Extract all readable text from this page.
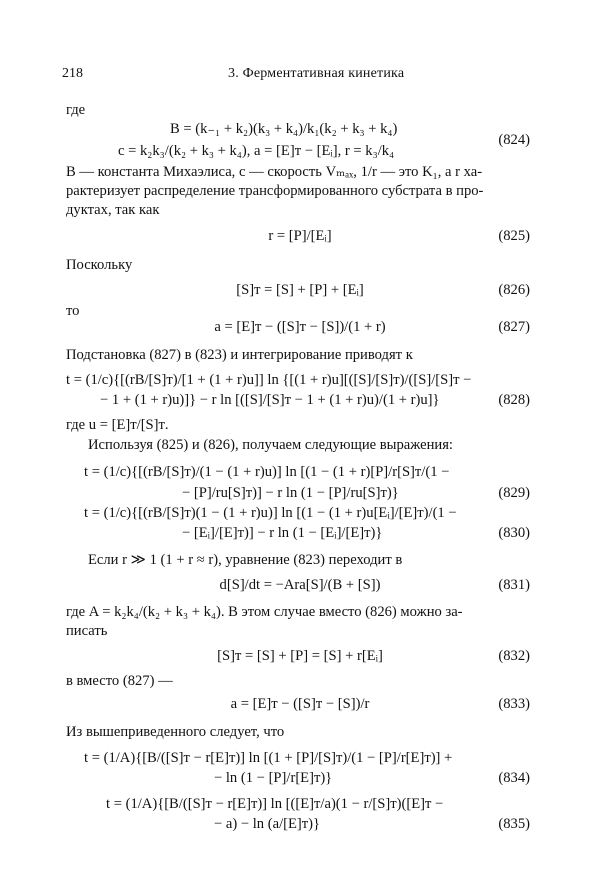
218	3. Ферментативная кинетика
где
B = (k₋₁ + k₂)(k₃ + k₄)/k₁(k₂ + k₃ + k₄)
c = k₂k₃/(k₂ + k₃ + k₄), a = [E]ᴛ − [Eᵢ], r = k₃/k₄
(824)
B — константа Михаэлиса, c — скорость Vₘₐₓ, 1/r — это K₁, а r ха-
рактеризует распределение трансформированного субстрата в про-
дуктах, так как
r = [P]/[Eᵢ]	(825)
Поскольку
[S]ᴛ = [S] + [P] + [Eᵢ]	(826)
то
a = [E]ᴛ − ([S]ᴛ − [S])/(1 + r)	(827)
Подстановка (827) в (823) и интегрирование приводят к
t = (1/c){[(rB/[S]ᴛ)/[1 + (1 + r)u]] ln {[(1 + r)u][([S]/[S]ᴛ)/([S]/[S]ᴛ −
− 1 + (1 + r)u)]} − r ln [([S]/[S]ᴛ − 1 + (1 + r)u)/(1 + r)u]}	(828)
где u = [E]ᴛ/[S]ᴛ.
Используя (825) и (826), получаем следующие выражения:
t = (1/c){[(rB/[S]ᴛ)/(1 − (1 + r)u)] ln [(1 − (1 + r)[P]/r[S]ᴛ/(1 −
− [P]/ru[S]ᴛ)] − r ln (1 − [P]/ru[S]ᴛ)}	(829)
t = (1/c){[(rB/[S]ᴛ)(1 − (1 + r)u)] ln [(1 − (1 + r)u[Eᵢ]/[E]ᴛ)/(1 −
− [Eᵢ]/[E]ᴛ)] − r ln (1 − [Eᵢ]/[E]ᴛ)}	(830)
Если r ≫ 1 (1 + r ≈ r), уравнение (823) переходит в
d[S]/dt = −Ara[S]/(B + [S])	(831)
где A = k₂k₄/(k₂ + k₃ + k₄). В этом случае вместо (826) можно за-
писать
[S]ᴛ = [S] + [P] = [S] + r[Eᵢ]	(832)
в вместо (827) —
a = [E]ᴛ − ([S]ᴛ − [S])/r	(833)
Из вышеприведенного следует, что
t = (1/A){[B/([S]ᴛ − r[E]ᴛ)] ln [(1 + [P]/[S]ᴛ)/(1 − [P]/r[E]ᴛ)] +
− ln (1 − [P]/r[E]ᴛ)}	(834)
t = (1/A){[B/([S]ᴛ − r[E]ᴛ)] ln [([E]ᴛ/a)(1 − r/[S]ᴛ)([E]ᴛ −
− a) − ln (a/[E]ᴛ)}	(835)
